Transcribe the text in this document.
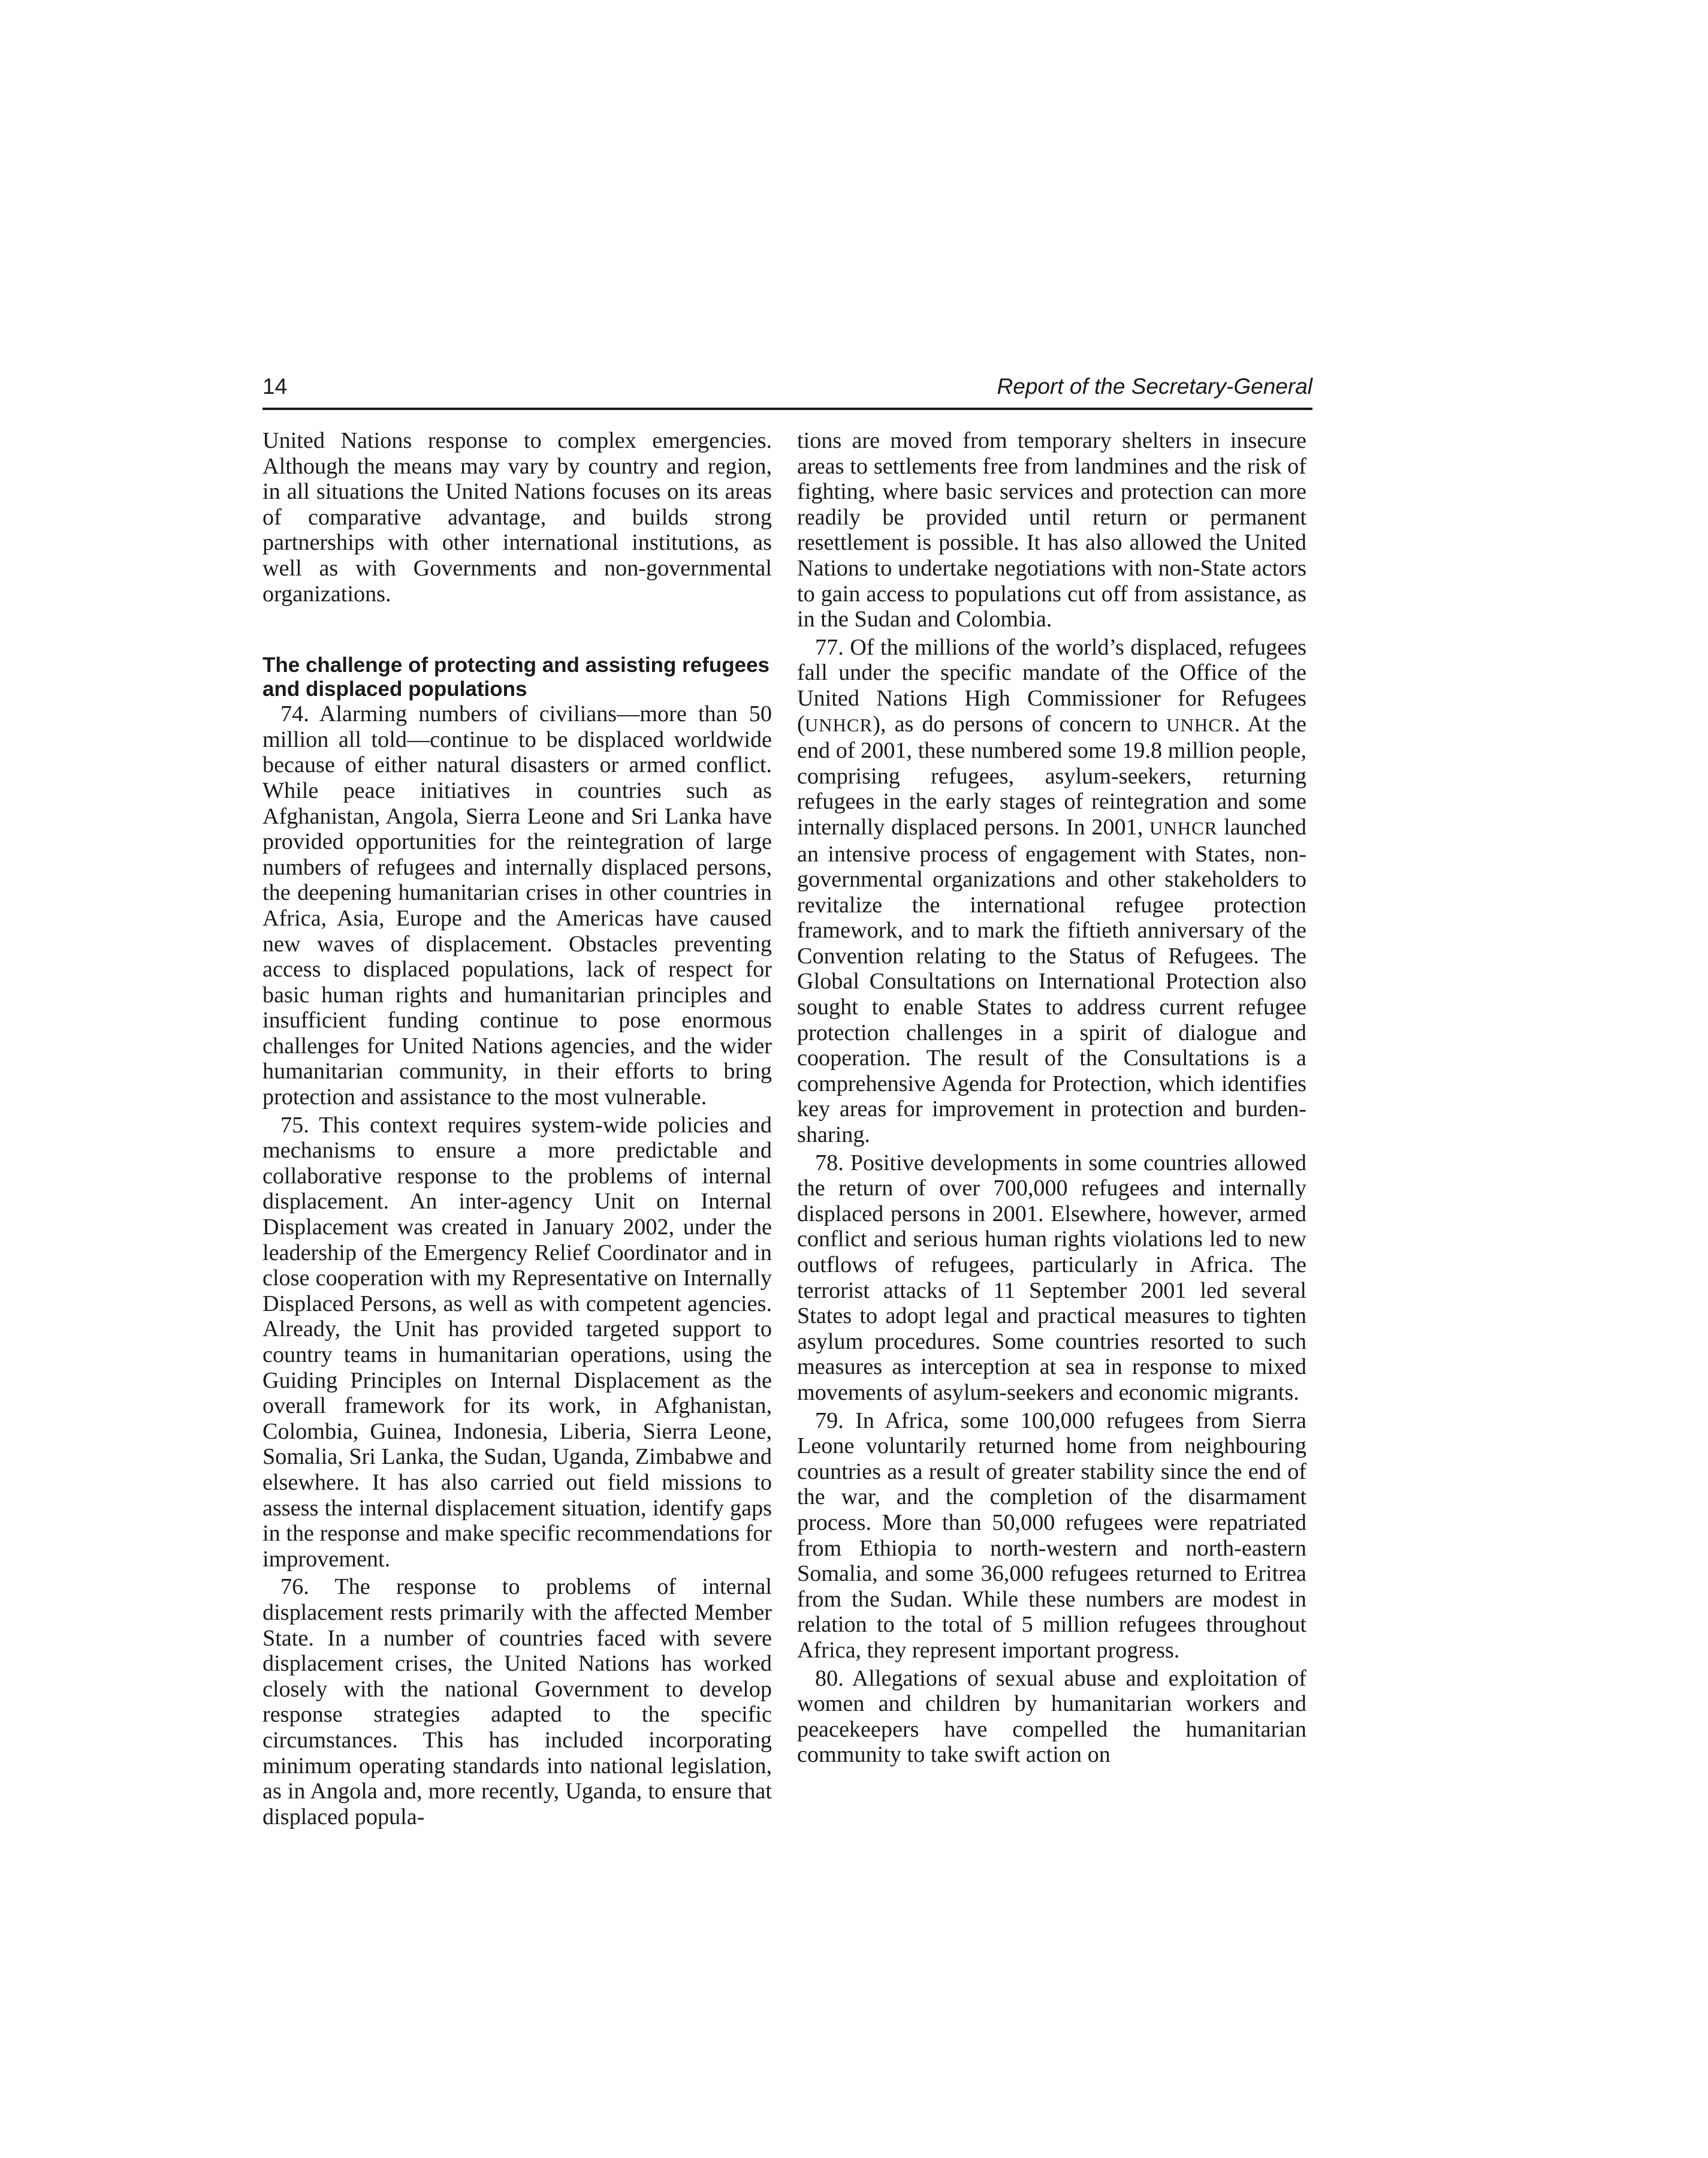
14	Report of the Secretary-General

United Nations response to complex emergencies. Although the means may vary by country and region, in all situations the United Nations focuses on its areas of comparative advantage, and builds strong partnerships with other international institutions, as well as with Governments and non-governmental organizations.

The challenge of protecting and assisting refugees and displaced populations

74. Alarming numbers of civilians—more than 50 million all told—continue to be displaced worldwide because of either natural disasters or armed conflict. While peace initiatives in countries such as Afghanistan, Angola, Sierra Leone and Sri Lanka have provided opportunities for the reintegration of large numbers of refugees and internally displaced persons, the deepening humanitarian crises in other countries in Africa, Asia, Europe and the Americas have caused new waves of displacement. Obstacles preventing access to displaced populations, lack of respect for basic human rights and humanitarian principles and insufficient funding continue to pose enormous challenges for United Nations agencies, and the wider humanitarian community, in their efforts to bring protection and assistance to the most vulnerable.

75. This context requires system-wide policies and mechanisms to ensure a more predictable and collaborative response to the problems of internal displacement. An inter-agency Unit on Internal Displacement was created in January 2002, under the leadership of the Emergency Relief Coordinator and in close cooperation with my Representative on Internally Displaced Persons, as well as with competent agencies. Already, the Unit has provided targeted support to country teams in humanitarian operations, using the Guiding Principles on Internal Displacement as the overall framework for its work, in Afghanistan, Colombia, Guinea, Indonesia, Liberia, Sierra Leone, Somalia, Sri Lanka, the Sudan, Uganda, Zimbabwe and elsewhere. It has also carried out field missions to assess the internal displacement situation, identify gaps in the response and make specific recommendations for improvement.

76. The response to problems of internal displacement rests primarily with the affected Member State. In a number of countries faced with severe displacement crises, the United Nations has worked closely with the national Government to develop response strategies adapted to the specific circumstances. This has included incorporating minimum operating standards into national legislation, as in Angola and, more recently, Uganda, to ensure that displaced popula-

tions are moved from temporary shelters in insecure areas to settlements free from landmines and the risk of fighting, where basic services and protection can more readily be provided until return or permanent resettlement is possible. It has also allowed the United Nations to undertake negotiations with non-State actors to gain access to populations cut off from assistance, as in the Sudan and Colombia.

77. Of the millions of the world’s displaced, refugees fall under the specific mandate of the Office of the United Nations High Commissioner for Refugees (UNHCR), as do persons of concern to UNHCR. At the end of 2001, these numbered some 19.8 million people, comprising refugees, asylum-seekers, returning refugees in the early stages of reintegration and some internally displaced persons. In 2001, UNHCR launched an intensive process of engagement with States, non-governmental organizations and other stakeholders to revitalize the international refugee protection framework, and to mark the fiftieth anniversary of the Convention relating to the Status of Refugees. The Global Consultations on International Protection also sought to enable States to address current refugee protection challenges in a spirit of dialogue and cooperation. The result of the Consultations is a comprehensive Agenda for Protection, which identifies key areas for improvement in protection and burden-sharing.

78. Positive developments in some countries allowed the return of over 700,000 refugees and internally displaced persons in 2001. Elsewhere, however, armed conflict and serious human rights violations led to new outflows of refugees, particularly in Africa. The terrorist attacks of 11 September 2001 led several States to adopt legal and practical measures to tighten asylum procedures. Some countries resorted to such measures as interception at sea in response to mixed movements of asylum-seekers and economic migrants.

79. In Africa, some 100,000 refugees from Sierra Leone voluntarily returned home from neighbouring countries as a result of greater stability since the end of the war, and the completion of the disarmament process. More than 50,000 refugees were repatriated from Ethiopia to north-western and north-eastern Somalia, and some 36,000 refugees returned to Eritrea from the Sudan. While these numbers are modest in relation to the total of 5 million refugees throughout Africa, they represent important progress.

80. Allegations of sexual abuse and exploitation of women and children by humanitarian workers and peacekeepers have compelled the humanitarian community to take swift action on
